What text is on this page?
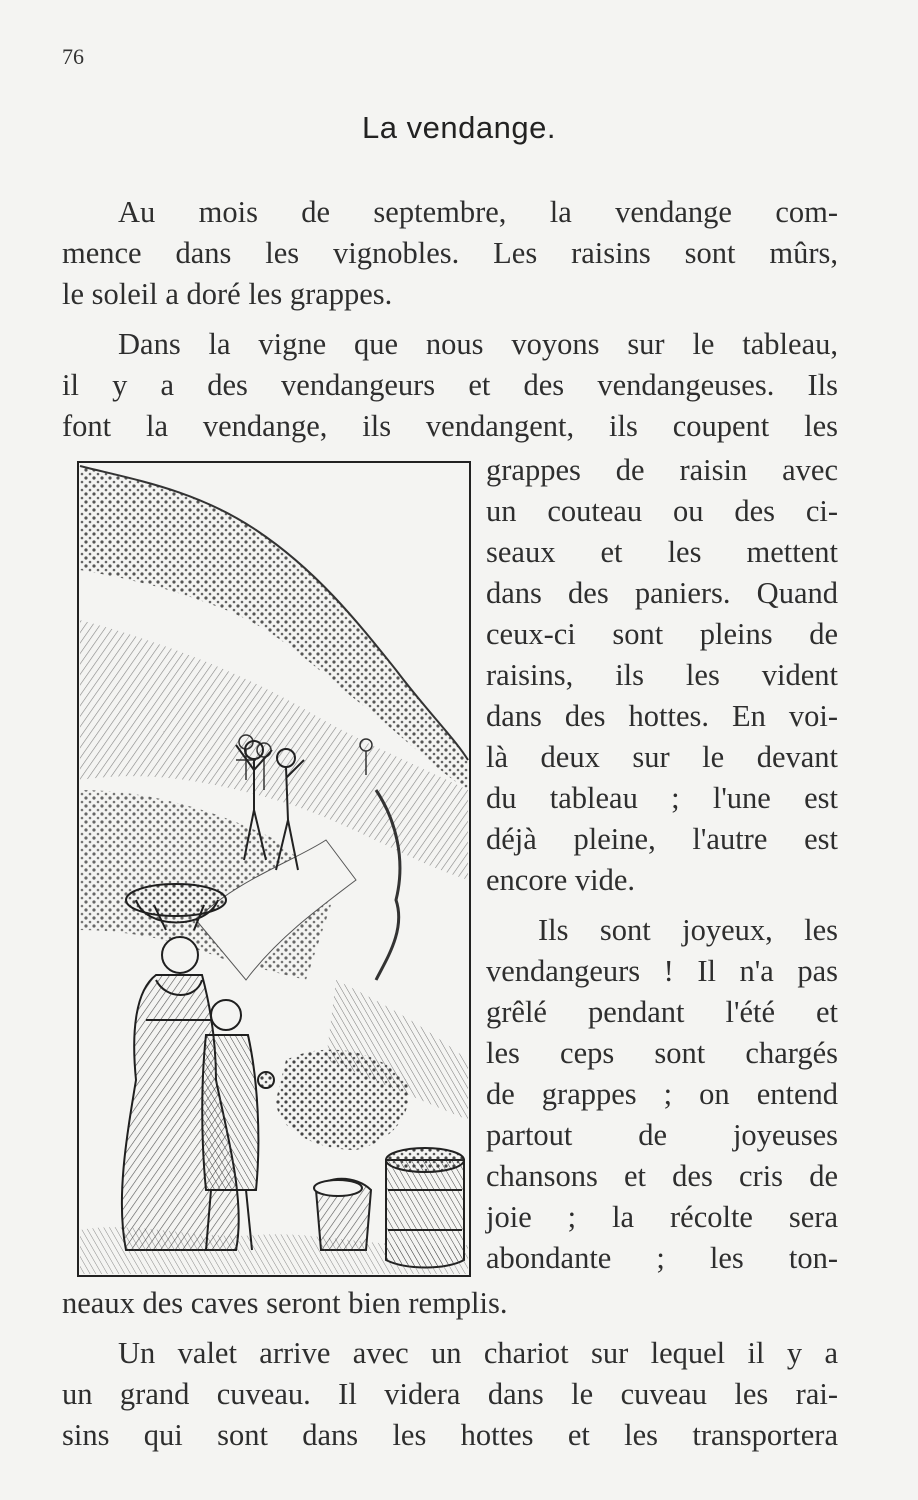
76
La vendange.
Au mois de septembre, la vendange com-
mence dans les vignobles. Les raisins sont mûrs,
le soleil a doré les grappes.
Dans la vigne que nous voyons sur le tableau,
il y a des vendangeurs et des vendangeuses. Ils
font la vendange, ils vendangent, ils coupent les
grappes de raisin avec
un couteau ou des ci-
seaux et les mettent
dans des paniers. Quand
ceux-ci sont pleins de
raisins, ils les vident
dans des hottes. En voi-
là deux sur le devant
du tableau ; l'une est
déjà pleine, l'autre est
encore vide.
Ils sont joyeux, les
vendangeurs ! Il n'a pas
grêlé pendant l'été et
les ceps sont chargés
de grappes ; on entend
partout de joyeuses
chansons et des cris de
joie ; la récolte sera
abondante ; les ton-
neaux des caves seront bien remplis.
Un valet arrive avec un chariot sur lequel il y a
un grand cuveau. Il videra dans le cuveau les rai-
sins qui sont dans les hottes et les transportera
